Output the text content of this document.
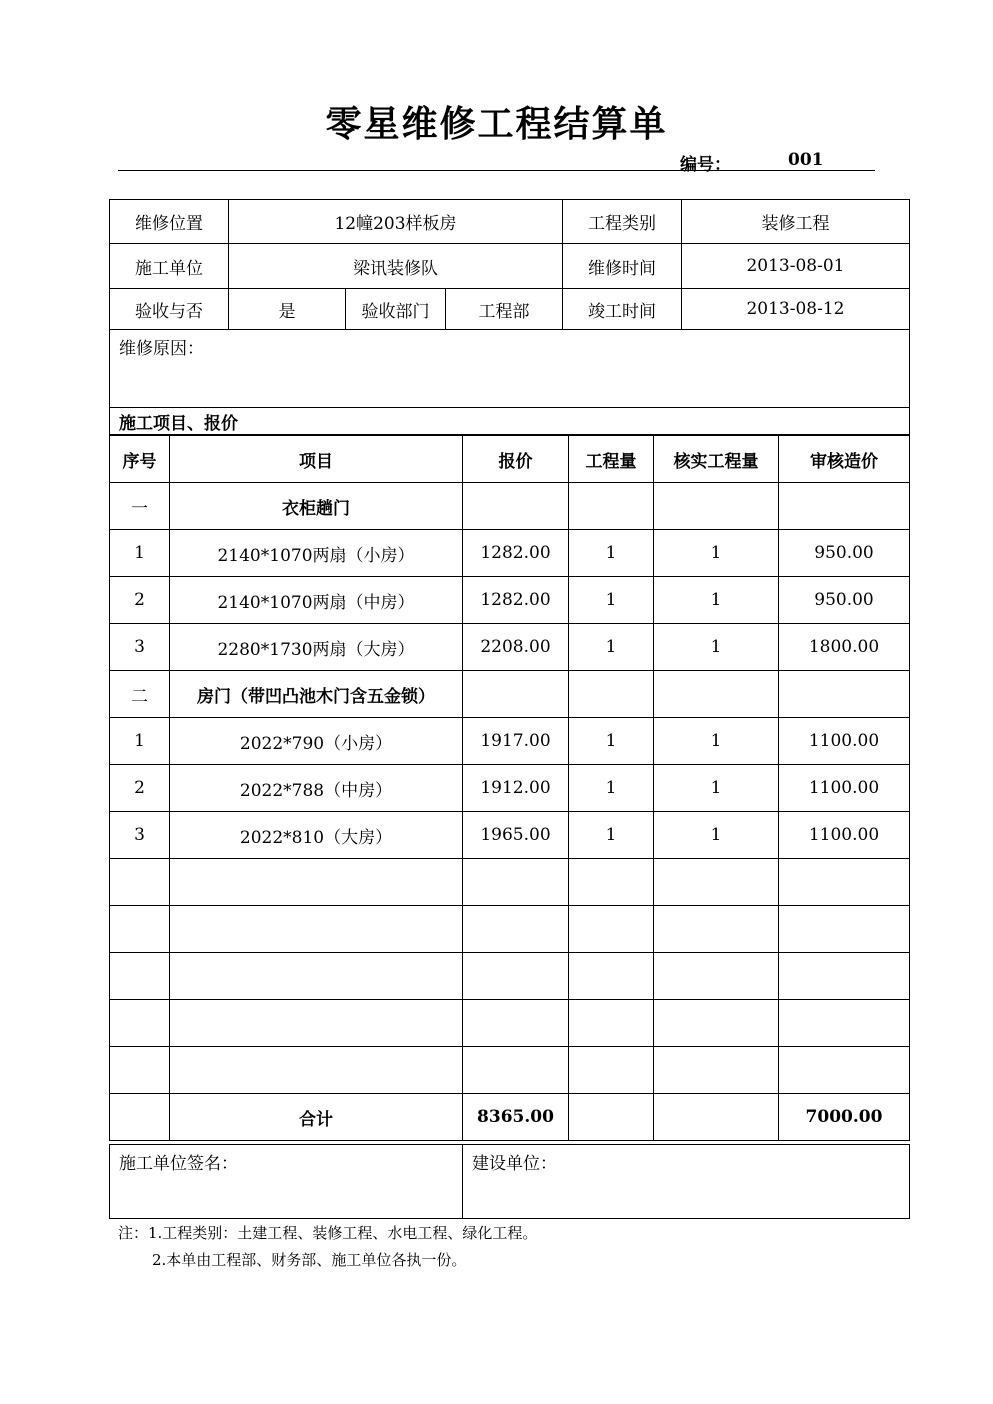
零星维修工程结算单
编号：	001
维修位置	12幢203样板房			工程类别	装修工程
施工单位	梁讯装修队			维修时间	2013-08-01
验收与否	是	验收部门	工程部	竣工时间	2013-08-12
维修原因：					
施工项目、报价					
序号	项目	报价	工程量	核实工程量	审核造价
一	衣柜趟门				
1	2140*1070两扇（小房）	1282.00	1	1	950.00
2	2140*1070两扇（中房）	1282.00	1	1	950.00
3	2280*1730两扇（大房）	2208.00	1	1	1800.00
二	房门（带凹凸池木门含五金锁）				
1	2022*790（小房）	1917.00	1	1	1100.00
2	2022*788（中房）	1912.00	1	1	1100.00
3	2022*810（大房）	1965.00	1	1	1100.00

	合计	8365.00			7000.00
施工单位签名：	建设单位：
注：1.工程类别：土建工程、装修工程、水电工程、绿化工程。
2.本单由工程部、财务部、施工单位各执一份。
